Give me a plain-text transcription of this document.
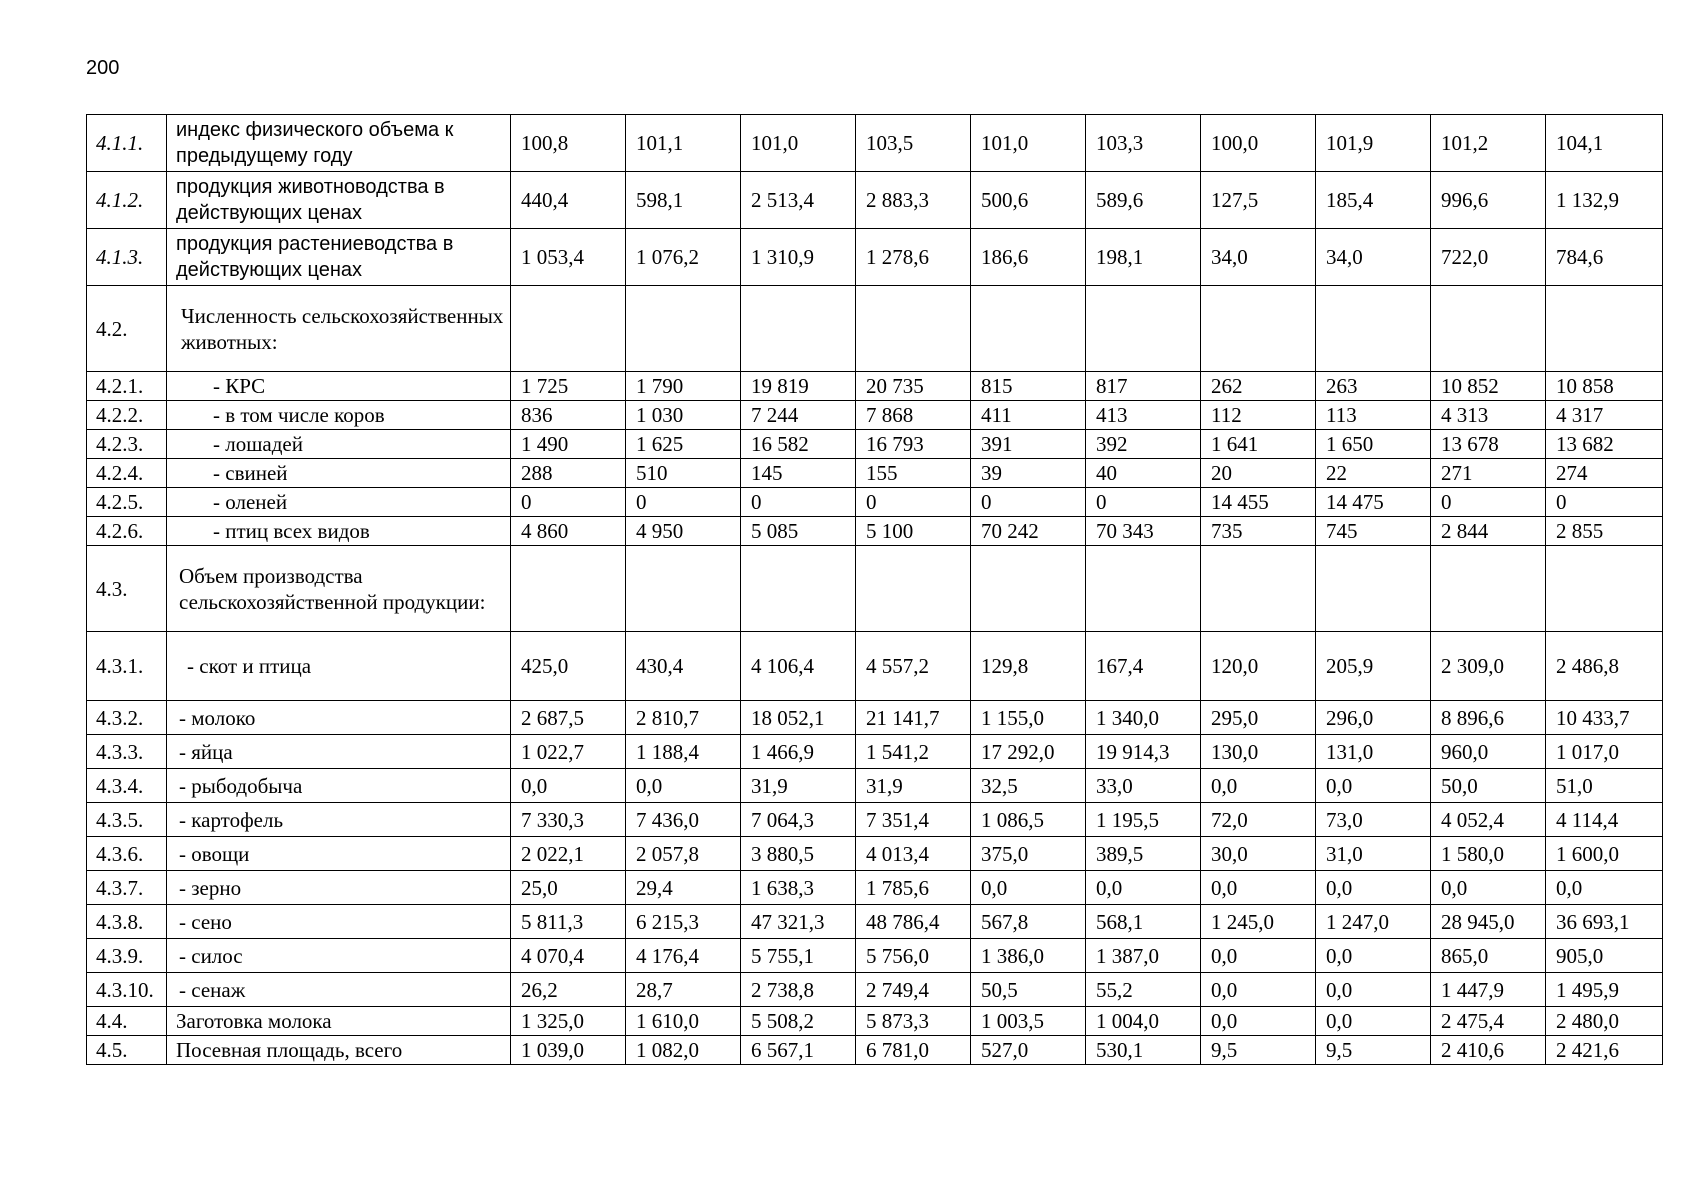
200
4.1.1.	индекс физического объема к предыдущему году	100,8	101,1	101,0	103,5	101,0	103,3	100,0	101,9	101,2	104,1
4.1.2.	продукция животноводства в действующих ценах	440,4	598,1	2 513,4	2 883,3	500,6	589,6	127,5	185,4	996,6	1 132,9
4.1.3.	продукция растениеводства в действующих ценах	1 053,4	1 076,2	1 310,9	1 278,6	186,6	198,1	34,0	34,0	722,0	784,6
4.2.	Численность сельскохозяйственных животных:										
4.2.1.	- КРС	1 725	1 790	19 819	20 735	815	817	262	263	10 852	10 858
4.2.2.	- в том числе коров	836	1 030	7 244	7 868	411	413	112	113	4 313	4 317
4.2.3.	- лошадей	1 490	1 625	16 582	16 793	391	392	1 641	1 650	13 678	13 682
4.2.4.	- свиней	288	510	145	155	39	40	20	22	271	274
4.2.5.	- оленей	0	0	0	0	0	0	14 455	14 475	0	0
4.2.6.	- птиц всех видов	4 860	4 950	5 085	5 100	70 242	70 343	735	745	2 844	2 855
4.3.	Объем производства сельскохозяйственной продукции:										
4.3.1.	- скот и птица	425,0	430,4	4 106,4	4 557,2	129,8	167,4	120,0	205,9	2 309,0	2 486,8
4.3.2.	- молоко	2 687,5	2 810,7	18 052,1	21 141,7	1 155,0	1 340,0	295,0	296,0	8 896,6	10 433,7
4.3.3.	- яйца	1 022,7	1 188,4	1 466,9	1 541,2	17 292,0	19 914,3	130,0	131,0	960,0	1 017,0
4.3.4.	- рыбодобыча	0,0	0,0	31,9	31,9	32,5	33,0	0,0	0,0	50,0	51,0
4.3.5.	- картофель	7 330,3	7 436,0	7 064,3	7 351,4	1 086,5	1 195,5	72,0	73,0	4 052,4	4 114,4
4.3.6.	- овощи	2 022,1	2 057,8	3 880,5	4 013,4	375,0	389,5	30,0	31,0	1 580,0	1 600,0
4.3.7.	- зерно	25,0	29,4	1 638,3	1 785,6	0,0	0,0	0,0	0,0	0,0	0,0
4.3.8.	- сено	5 811,3	6 215,3	47 321,3	48 786,4	567,8	568,1	1 245,0	1 247,0	28 945,0	36 693,1
4.3.9.	- силос	4 070,4	4 176,4	5 755,1	5 756,0	1 386,0	1 387,0	0,0	0,0	865,0	905,0
4.3.10.	- сенаж	26,2	28,7	2 738,8	2 749,4	50,5	55,2	0,0	0,0	1 447,9	1 495,9
4.4.	Заготовка молока	1 325,0	1 610,0	5 508,2	5 873,3	1 003,5	1 004,0	0,0	0,0	2 475,4	2 480,0
4.5.	Посевная площадь, всего	1 039,0	1 082,0	6 567,1	6 781,0	527,0	530,1	9,5	9,5	2 410,6	2 421,6
